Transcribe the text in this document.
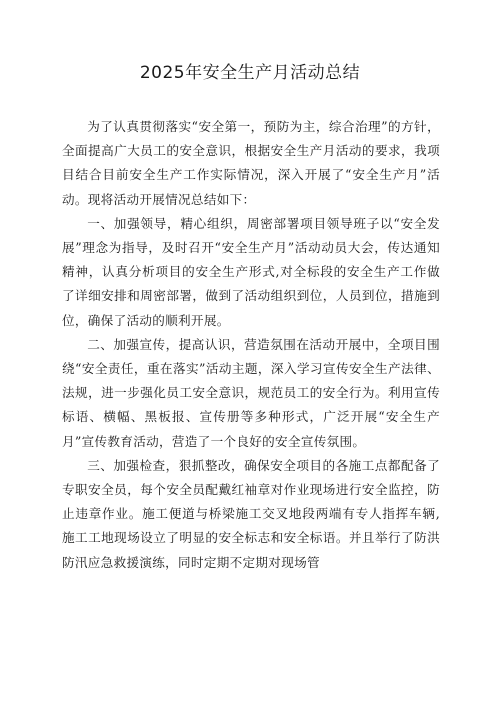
2025年安全生产月活动总结

为了认真贯彻落实“安全第一，预防为主，综合治理”的方针，全面提高广大员工的安全意识，根据安全生产月活动的要求，我项目结合目前安全生产工作实际情况，深入开展了“安全生产月”活动。现将活动开展情况总结如下：

一、加强领导，精心组织，周密部署项目领导班子以“安全发展”理念为指导，及时召开“安全生产月”活动动员大会，传达通知精神，认真分析项目的安全生产形式,对全标段的安全生产工作做了详细安排和周密部署，做到了活动组织到位，人员到位，措施到位，确保了活动的顺利开展。

二、加强宣传，提高认识，营造氛围在活动开展中，全项目围绕“安全责任，重在落实”活动主题，深入学习宣传安全生产法律、法规，进一步强化员工安全意识，规范员工的安全行为。利用宣传标语、横幅、黑板报、宣传册等多种形式，广泛开展“安全生产月”宣传教育活动，营造了一个良好的安全宣传氛围。

三、加强检查，狠抓整改，确保安全项目的各施工点都配备了专职安全员，每个安全员配戴红袖章对作业现场进行安全监控，防止违章作业。施工便道与桥梁施工交叉地段两端有专人指挥车辆,施工工地现场设立了明显的安全标志和安全标语。并且举行了防洪防汛应急救援演练，同时定期不定期对现场管
